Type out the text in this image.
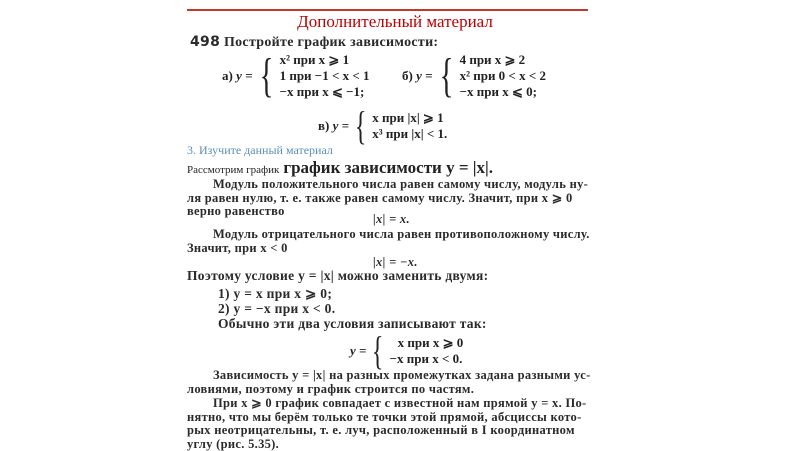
Дополнительный материал
498 Постройте график зависимости:
а)
y = { x² при x ⩾ 1
1 при −1 < x < 1
−x при x ⩽ −1;
б)
y = { 4 при x ⩾ 2
x² при 0 < x < 2
−x при x ⩽ 0;
в)
y = { x при |x| ⩾ 1
x³ при |x| < 1.
3. Изучите данный материал
Рассмотрим график график зависимости y = |x|.
Модуль положительного числа равен самому числу, модуль ну-
ля равен нулю, т. е. также равен самому числу. Значит, при x ⩾ 0
верно равенство
|x| = x.
Модуль отрицательного числа равен противоположному числу.
Значит, при x < 0
|x| = −x.
Поэтому условие y = |x| можно заменить двумя:
1) y = x при x ⩾ 0;
2) y = −x при x < 0.
Обычно эти два условия записывают так:
y = {	x при x ⩾ 0
−x при x < 0.
Зависимость y = |x| на разных промежутках задана разными ус-
ловиями, поэтому и график строится по частям.
При x ⩾ 0 график совпадает с известной нам прямой y = x. По-
нятно, что мы берём только те точки этой прямой, абсциссы кото-
рых неотрицательны, т. е. луч, расположенный в I координатном
углу (рис. 5.35).
